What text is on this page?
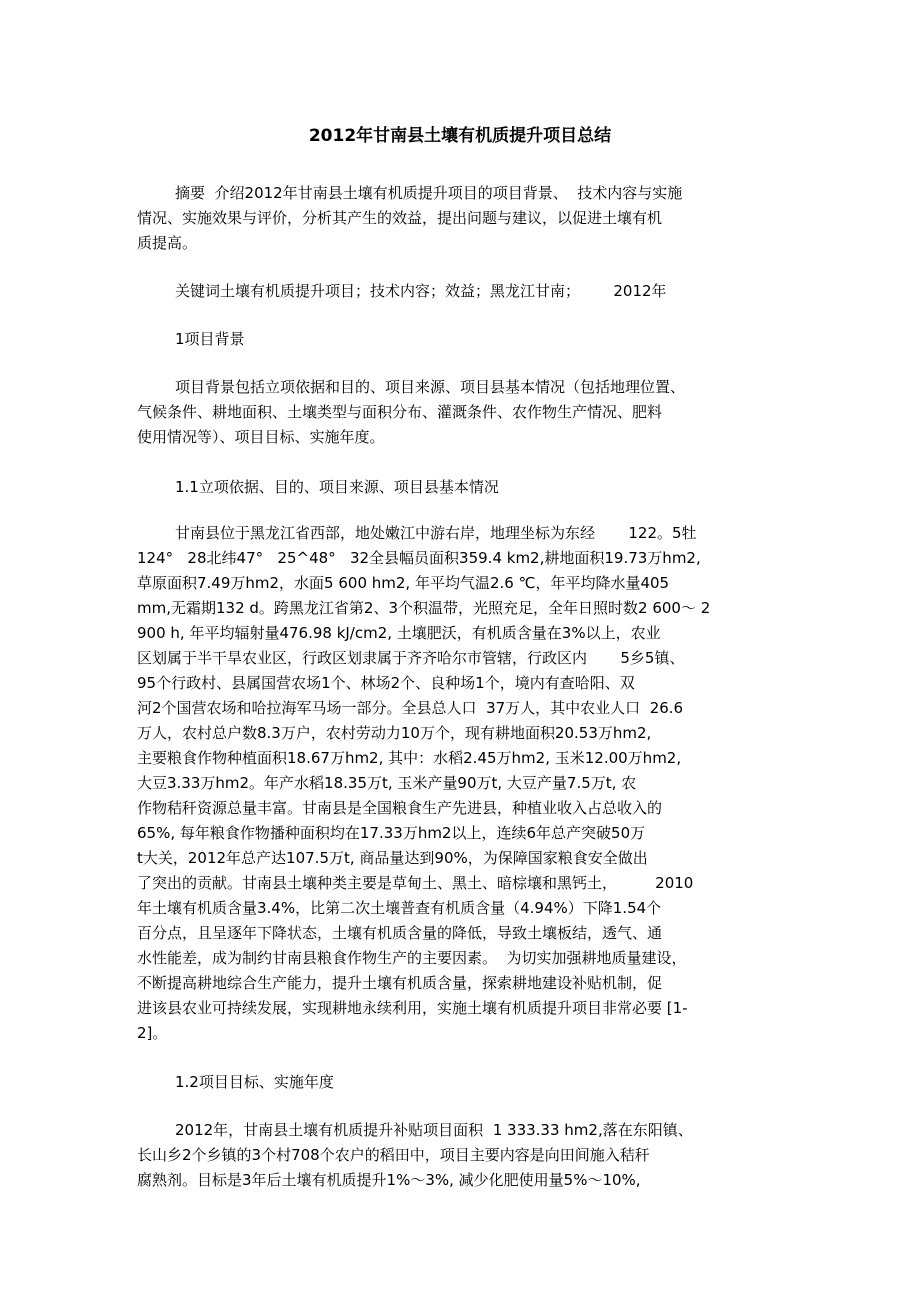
2012年甘南县土壤有机质提升项目总结
摘要  介绍2012年甘南县土壤有机质提升项目的项目背景、  技术内容与实施
情况、实施效果与评价，分析其产生的效益，提出问题与建议，以促进土壤有机
质提高。
关键词土壤有机质提升项目；技术内容；效益；黑龙江甘南；       2012年
1项目背景
项目背景包括立项依据和目的、项目来源、项目县基本情况（包括地理位置、
气候条件、耕地面积、土壤类型与面积分布、灌溉条件、农作物生产情况、肥料
使用情况等）、项目目标、实施年度。
1.1立项依据、目的、项目来源、项目县基本情况
甘南县位于黑龙江省西部，地处嫩江中游右岸，地理坐标为东经       122。5牡
124°   28北纬47°   25^48°   32全县幅员面积359.4 km2,耕地面积19.73万hm2,
草原面积7.49万hm2，水面5 600 hm2, 年平均气温2.6 ℃，年平均降水量405
mm,无霜期132 d。跨黑龙江省第2、3个积温带，光照充足，全年日照时数2 600～ 2
900 h, 年平均辐射量476.98 kJ/cm2, 土壤肥沃，有机质含量在3%以上，农业
区划属于半干旱农业区，行政区划隶属于齐齐哈尔市管辖，行政区内       5乡5镇、
95个行政村、县属国营农场1个、林场2个、良种场1个，境内有查哈阳、双
河2个国营农场和哈拉海军马场一部分。全县总人口  37万人，其中农业人口  26.6
万人，农村总户数8.3万户，农村劳动力10万个，现有耕地面积20.53万hm2,
主要粮食作物种植面积18.67万hm2, 其中：水稻2.45万hm2, 玉米12.00万hm2,
大豆3.33万hm2。年产水稻18.35万t, 玉米产量90万t, 大豆产量7.5万t, 农
作物秸秆资源总量丰富。甘南县是全国粮食生产先进县，种植业收入占总收入的
65%, 每年粮食作物播种面积均在17.33万hm2以上，连续6年总产突破50万
t大关，2012年总产达107.5万t, 商品量达到90%，为保障国家粮食安全做出
了突出的贡献。甘南县土壤种类主要是草甸土、黑土、暗棕壤和黑钙土，        2010
年土壤有机质含量3.4%，比第二次土壤普查有机质含量（4.94%）下降1.54个
百分点，且呈逐年下降状态，土壤有机质含量的降低，导致土壤板结，透气、通
水性能差，成为制约甘南县粮食作物生产的主要因素。  为切实加强耕地质量建设，
不断提高耕地综合生产能力，提升土壤有机质含量，探索耕地建设补贴机制，促
进该县农业可持续发展，实现耕地永续利用，实施土壤有机质提升项目非常必要 [1-
2]。
1.2项目目标、实施年度
2012年，甘南县土壤有机质提升补贴项目面积  1 333.33 hm2,落在东阳镇、
长山乡2个乡镇的3个村708个农户的稻田中，项目主要内容是向田间施入秸秆
腐熟剂。目标是3年后土壤有机质提升1%～3%, 减少化肥使用量5%～10%,
